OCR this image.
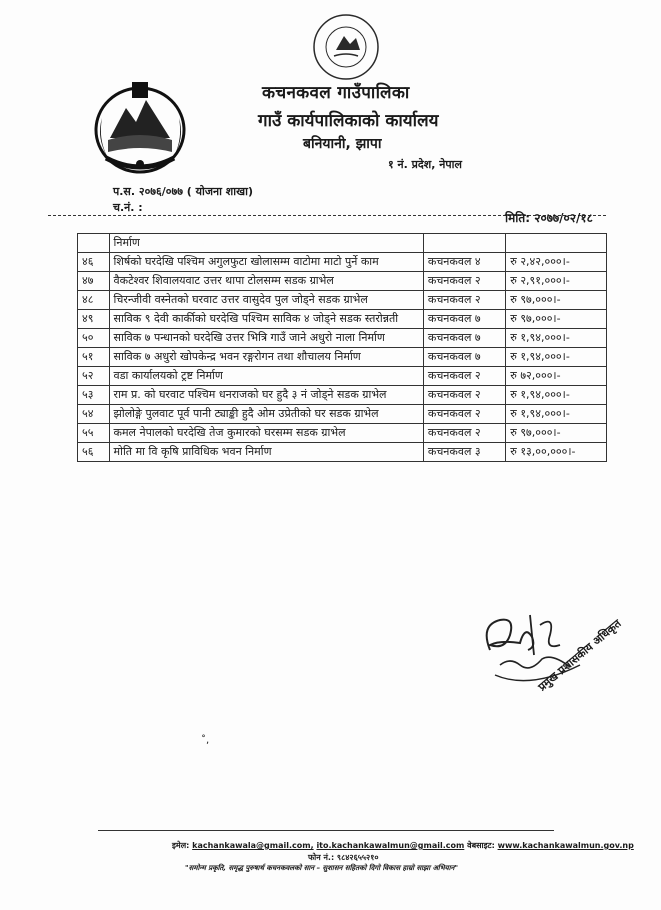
कचनकवल गाउँपालिका
गाउँ कार्यपालिकाको कार्यालय
बनियानी, झापा
१ नं. प्रदेश, नेपाल
प.स. २०७६/०७७ ( योजना शाखा)
च.नं. :
मिति: २०७७/०२/१८
	निर्माण		
४६	शिर्षको घरदेखि पश्चिम अगुलफुटा खोलासम्म वाटोमा माटो पुर्ने काम	कचनकवल ४	रु २,४२,०००।-
४७	वैकटेश्वर शिवालयवाट उत्तर थापा टोलसम्म सडक ग्राभेल	कचनकवल २	रु २,९१,०००।-
४८	चिरन्जीवी वस्नेतको घरवाट उत्तर वासुदेव पुल जोड्ने सडक ग्राभेल	कचनकवल २	रु ९७,०००।-
४९	साविक ९ देवी कार्कीको घरदेखि पश्चिम साविक ४ जोड्ने सडक स्तरोन्नती	कचनकवल ७	रु ९७,०००।-
५०	साविक ७ पन्धानको घरदेखि उत्तर भित्रि गाउँ जाने अधुरो नाला निर्माण	कचनकवल ७	रु १,९४,०००।-
५१	साविक ७ अधुरो खोपकेन्द्र भवन रङ्गरोगन तथा शौचालय निर्माण	कचनकवल ७	रु १,९४,०००।-
५२	वडा कार्यालयको ट्रष्ट निर्माण	कचनकवल २	रु ७२,०००।-
५३	राम प्र. को घरवाट पश्चिम धनराजको घर हुदै ३ नं जोड्ने सडक ग्राभेल	कचनकवल २	रु १,९४,०००।-
५४	झोलोङ्गे पुलवाट पूर्व पानी ट्याङ्की हुदै ओम उप्रेतीको घर सडक ग्राभेल	कचनकवल २	रु १,९४,०००।-
५५	कमल नेपालको घरदेखि तेज कुमारको घरसम्म सडक ग्राभेल	कचनकवल २	रु ९७,०००।-
५६	मोति मा वि कृषि प्राविधिक भवन निर्माण	कचनकवल ३	रु १३,००,०००।-
प्रमुख प्रशासकीय अधिकृत
˚,
इमेल: kachankawala@gmail.com, ito.kachankawalmun@gmail.com वेबसाइट: www.kachankawalmun.gov.np
फोन नं.: ९८४२६५५२१०
"समोन्म प्रकृति, समृद्ध पुरुषार्थ कचनकवलको सान – सुशासन सहितको दिगो विकास हाम्रो साझा अभियान"
